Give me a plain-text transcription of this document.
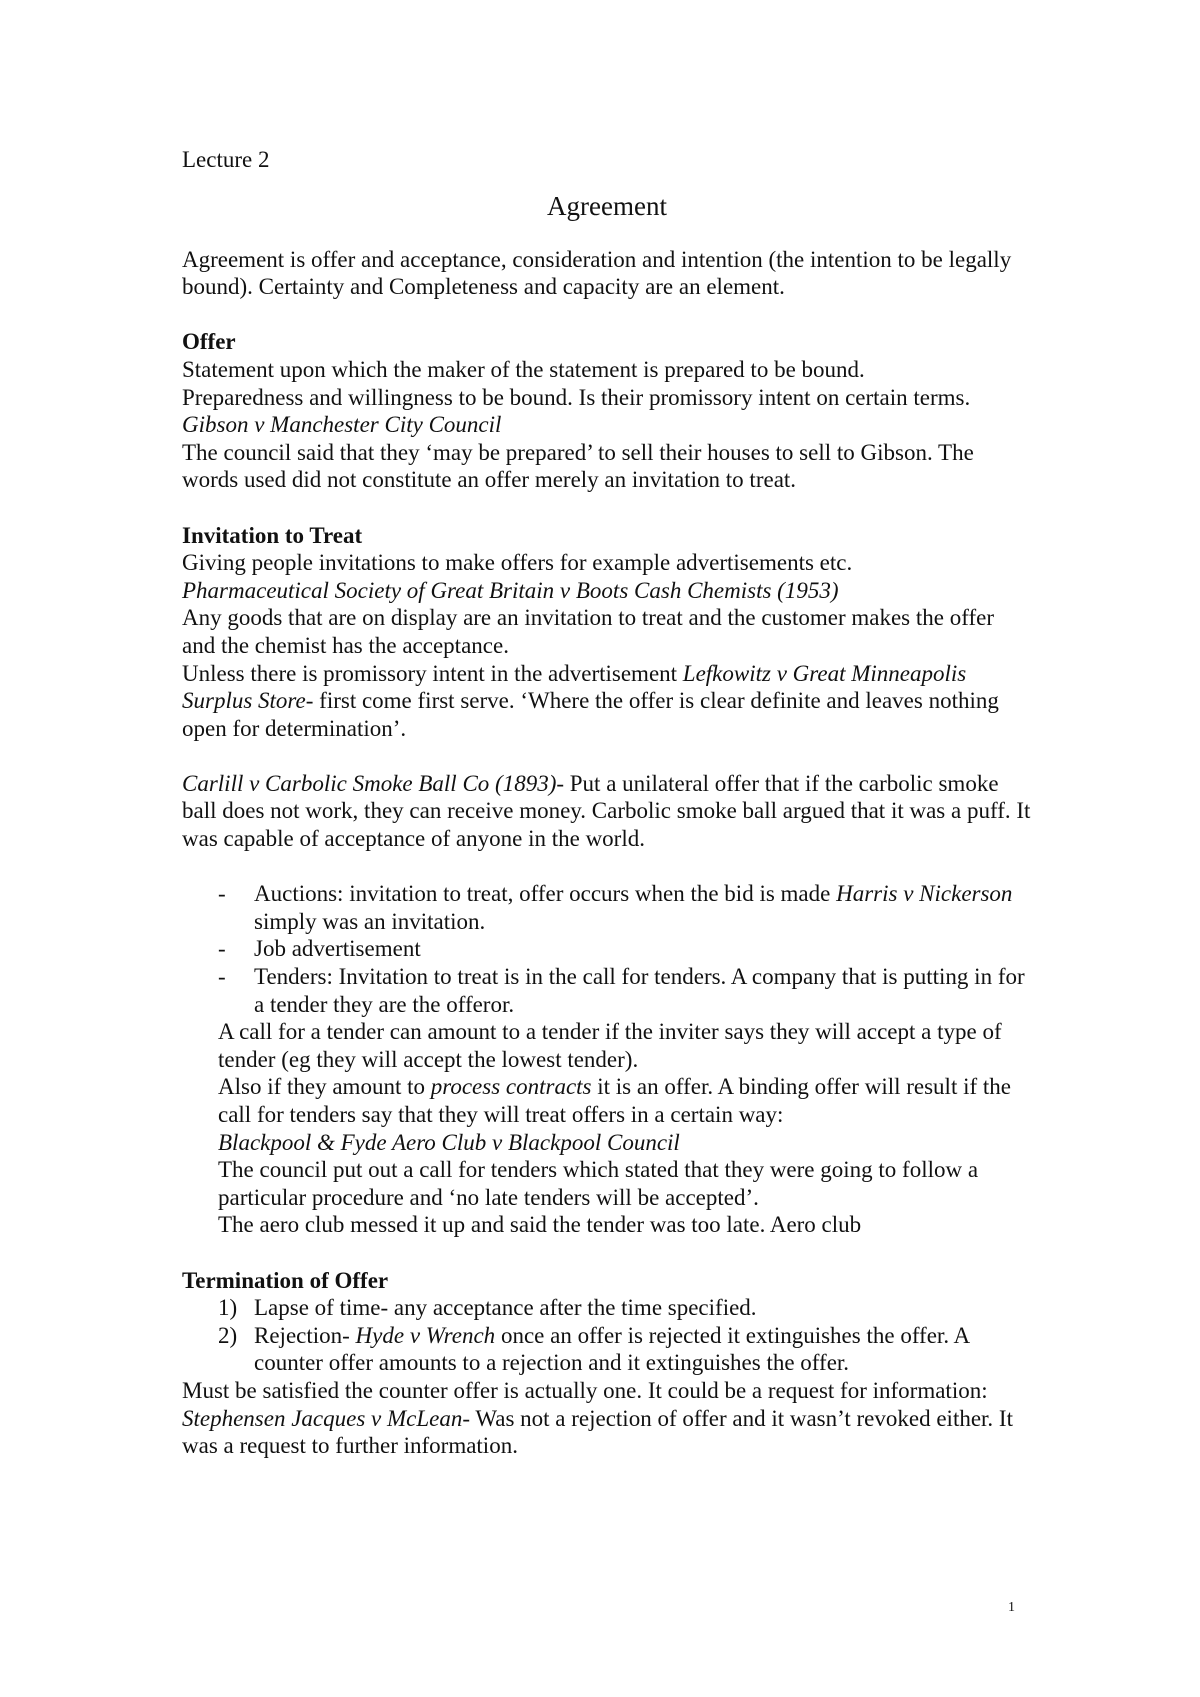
Lecture 2

Agreement

Agreement is offer and acceptance, consideration and intention (the intention to be legally bound). Certainty and Completeness and capacity are an element.

Offer

Statement upon which the maker of the statement is prepared to be bound.

Preparedness and willingness to be bound. Is their promissory intent on certain terms.

Gibson v Manchester City Council

The council said that they ‘may be prepared’ to sell their houses to sell to Gibson. The words used did not constitute an offer merely an invitation to treat.

Invitation to Treat

Giving people invitations to make offers for example advertisements etc.

Pharmaceutical Society of Great Britain v Boots Cash Chemists (1953)

Any goods that are on display are an invitation to treat and the customer makes the offer and the chemist has the acceptance.

Unless there is promissory intent in the advertisement Lefkowitz v Great Minneapolis Surplus Store- first come first serve. ‘Where the offer is clear definite and leaves nothing open for determination’.

Carlill v Carbolic Smoke Ball Co (1893)- Put a unilateral offer that if the carbolic smoke ball does not work, they can receive money. Carbolic smoke ball argued that it was a puff. It was capable of acceptance of anyone in the world.

- Auctions: invitation to treat, offer occurs when the bid is made Harris v Nickerson simply was an invitation.
- Job advertisement
- Tenders: Invitation to treat is in the call for tenders. A company that is putting in for a tender they are the offeror.

A call for a tender can amount to a tender if the inviter says they will accept a type of tender (eg they will accept the lowest tender).

Also if they amount to process contracts it is an offer. A binding offer will result if the call for tenders say that they will treat offers in a certain way:

Blackpool & Fyde Aero Club v Blackpool Council

The council put out a call for tenders which stated that they were going to follow a particular procedure and ‘no late tenders will be accepted’.

The aero club messed it up and said the tender was too late. Aero club

Termination of Offer
1) Lapse of time- any acceptance after the time specified.
2) Rejection- Hyde v Wrench once an offer is rejected it extinguishes the offer. A counter offer amounts to a rejection and it extinguishes the offer.

Must be satisfied the counter offer is actually one. It could be a request for information: Stephensen Jacques v McLean- Was not a rejection of offer and it wasn’t revoked either. It was a request to further information.

1
